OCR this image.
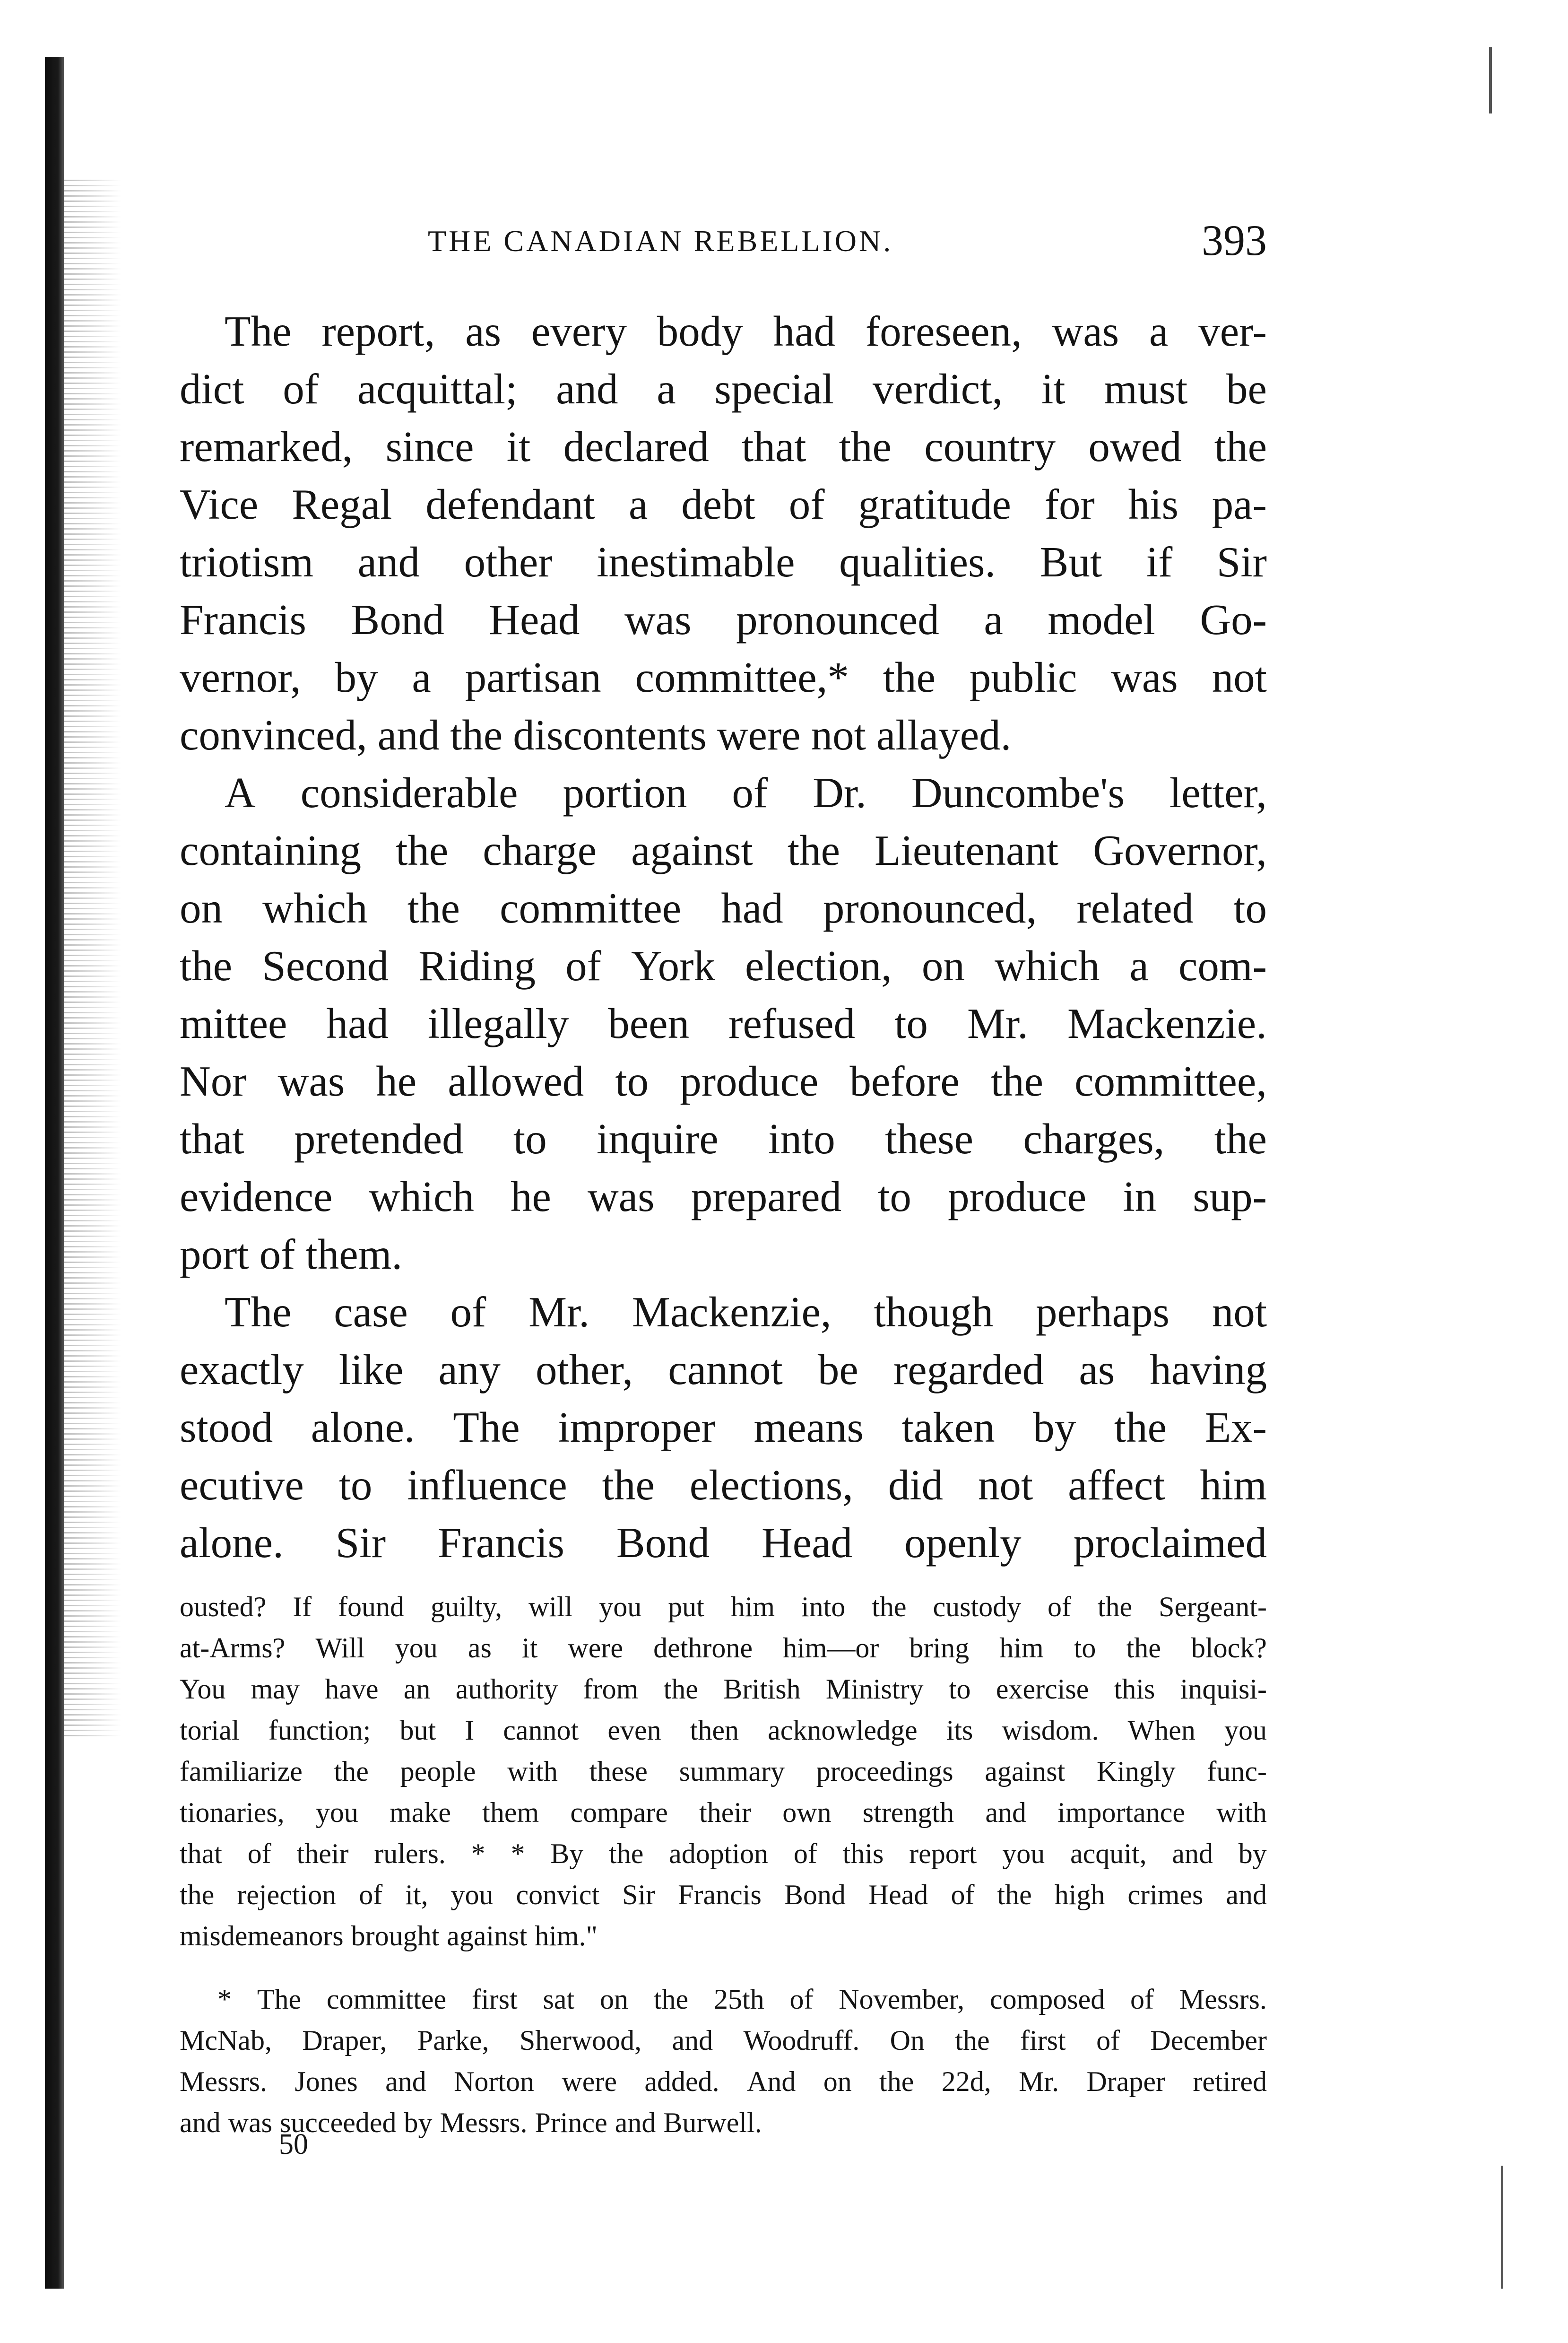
THE CANADIAN REBELLION.	393
The report, as every body had foreseen, was a ver-
dict of acquittal; and a special verdict, it must be
remarked, since it declared that the country owed the
Vice Regal defendant a debt of gratitude for his pa-
triotism and other inestimable qualities. But if Sir
Francis Bond Head was pronounced a model Go-
vernor, by a partisan committee,* the public was not
convinced, and the discontents were not allayed.
A considerable portion of Dr. Duncombe's letter,
containing the charge against the Lieutenant Governor,
on which the committee had pronounced, related to
the Second Riding of York election, on which a com-
mittee had illegally been refused to Mr. Mackenzie.
Nor was he allowed to produce before the committee,
that pretended to inquire into these charges, the
evidence which he was prepared to produce in sup-
port of them.
The case of Mr. Mackenzie, though perhaps not
exactly like any other, cannot be regarded as having
stood alone. The improper means taken by the Ex-
ecutive to influence the elections, did not affect him
alone. Sir Francis Bond Head openly proclaimed
ousted? If found guilty, will you put him into the custody of the Sergeant-
at-Arms? Will you as it were dethrone him—or bring him to the block?
You may have an authority from the British Ministry to exercise this inquisi-
torial function; but I cannot even then acknowledge its wisdom. When you
familiarize the people with these summary proceedings against Kingly func-
tionaries, you make them compare their own strength and importance with
that of their rulers. * * By the adoption of this report you acquit, and by
the rejection of it, you convict Sir Francis Bond Head of the high crimes and
misdemeanors brought against him."
* The committee first sat on the 25th of November, composed of Messrs.
McNab, Draper, Parke, Sherwood, and Woodruff. On the first of December
Messrs. Jones and Norton were added. And on the 22d, Mr. Draper retired
and was succeeded by Messrs. Prince and Burwell.
50
